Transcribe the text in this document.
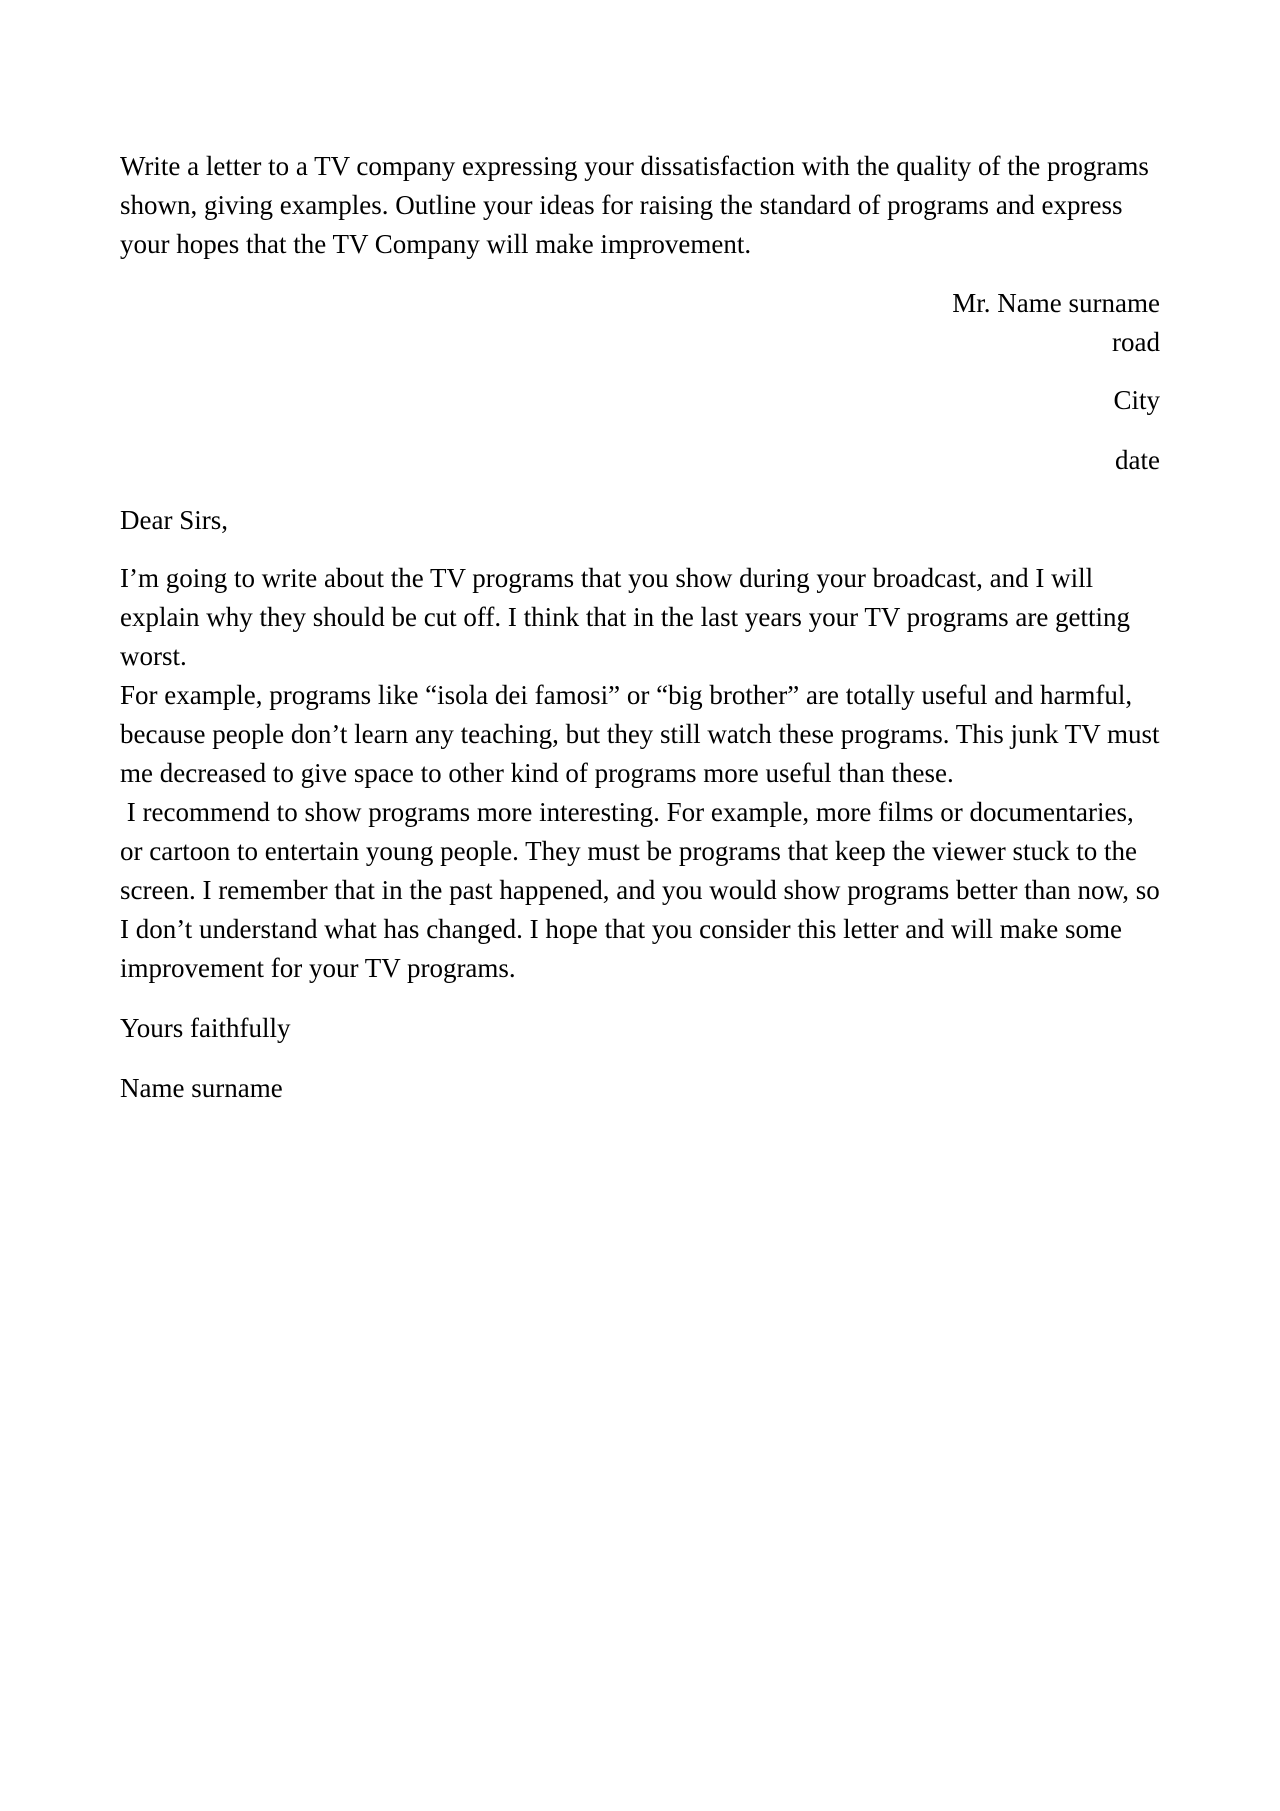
Write a letter to a TV company expressing your dissatisfaction with the quality of the programs shown, giving examples. Outline your ideas for raising the standard of programs and express your hopes that the TV Company will make improvement.

Mr. Name surname

road

City

date

Dear Sirs,

I’m going to write about the TV programs that you show during your broadcast, and I will explain why they should be cut off. I think that in the last years your TV programs are getting worst.

For example, programs like “isola dei famosi” or “big brother” are totally useful and harmful, because people don’t learn any teaching, but they still watch these programs. This junk TV must me decreased to give space to other kind of programs more useful than these.

I recommend to show programs more interesting. For example, more films or documentaries, or cartoon to entertain young people. They must be programs that keep the viewer stuck to the screen. I remember that in the past happened, and you would show programs better than now, so I don’t understand what has changed. I hope that you consider this letter and will make some improvement for your TV programs.

Yours faithfully

Name surname
